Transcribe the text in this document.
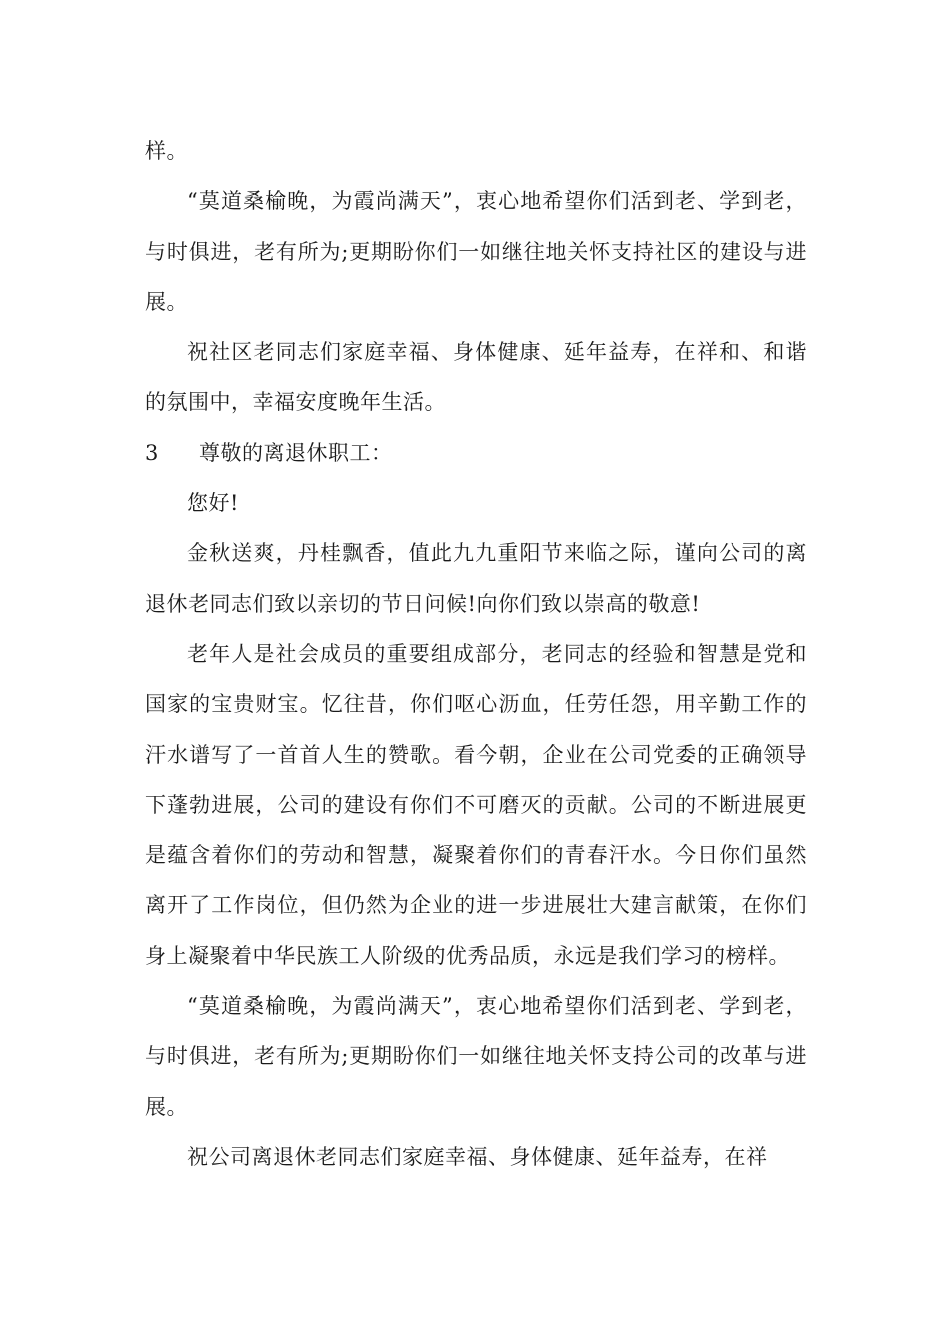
样。

“莫道桑榆晚，为霞尚满天”，衷心地希望你们活到老、学到老，与时俱进，老有所为;更期盼你们一如继往地关怀支持社区的建设与进展。

祝社区老同志们家庭幸福、身体健康、延年益寿，在祥和、和谐的氛围中，幸福安度晚年生活。

3 尊敬的离退休职工：

您好!

金秋送爽，丹桂飘香，值此九九重阳节来临之际，谨向公司的离退休老同志们致以亲切的节日问候!向你们致以崇高的敬意!

老年人是社会成员的重要组成部分，老同志的经验和智慧是党和国家的宝贵财宝。忆往昔，你们呕心沥血，任劳任怨，用辛勤工作的汗水谱写了一首首人生的赞歌。看今朝，企业在公司党委的正确领导下蓬勃进展，公司的建设有你们不可磨灭的贡献。公司的不断进展更是蕴含着你们的劳动和智慧，凝聚着你们的青春汗水。今日你们虽然离开了工作岗位，但仍然为企业的进一步进展壮大建言献策，在你们身上凝聚着中华民族工人阶级的优秀品质，永远是我们学习的榜样。

“莫道桑榆晚，为霞尚满天”，衷心地希望你们活到老、学到老，与时俱进，老有所为;更期盼你们一如继往地关怀支持公司的改革与进展。

祝公司离退休老同志们家庭幸福、身体健康、延年益寿，在祥
